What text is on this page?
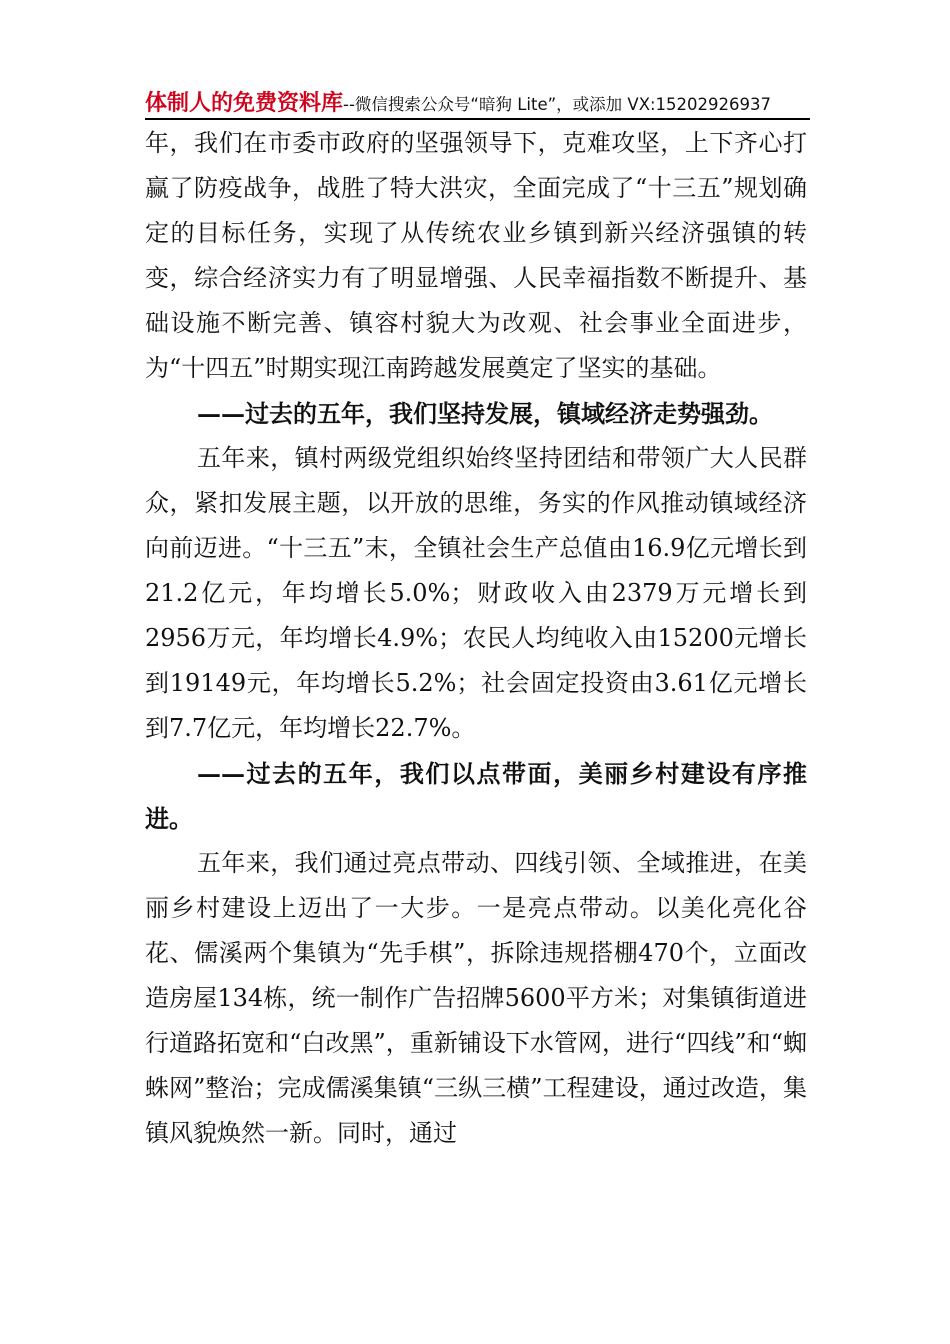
体制人的免费资料库--微信搜索公众号“暗狗 Lite”，或添加 VX:15202926937

年，我们在市委市政府的坚强领导下，克难攻坚，上下齐心打赢了防疫战争，战胜了特大洪灾，全面完成了“十三五”规划确定的目标任务，实现了从传统农业乡镇到新兴经济强镇的转变，综合经济实力有了明显增强、人民幸福指数不断提升、基础设施不断完善、镇容村貌大为改观、社会事业全面进步，为“十四五”时期实现江南跨越发展奠定了坚实的基础。

——过去的五年，我们坚持发展，镇域经济走势强劲。

五年来，镇村两级党组织始终坚持团结和带领广大人民群众，紧扣发展主题，以开放的思维，务实的作风推动镇域经济向前迈进。“十三五”末，全镇社会生产总值由16.9亿元增长到21.2亿元，年均增长5.0%；财政收入由2379万元增长到2956万元，年均增长4.9%；农民人均纯收入由15200元增长到19149元，年均增长5.2%；社会固定投资由3.61亿元增长到7.7亿元，年均增长22.7%。

——过去的五年，我们以点带面，美丽乡村建设有序推进。

五年来，我们通过亮点带动、四线引领、全域推进，在美丽乡村建设上迈出了一大步。一是亮点带动。以美化亮化谷花、儒溪两个集镇为“先手棋”，拆除违规搭棚470个，立面改造房屋134栋，统一制作广告招牌5600平方米；对集镇街道进行道路拓宽和“白改黑”，重新铺设下水管网，进行“四线”和“蜘蛛网”整治；完成儒溪集镇“三纵三横”工程建设，通过改造，集镇风貌焕然一新。同时，通过
